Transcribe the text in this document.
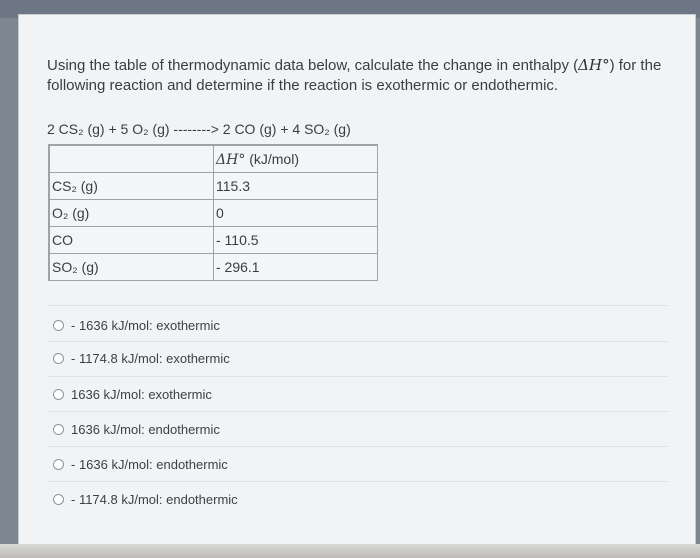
Using the table of thermodynamic data below, calculate the change in enthalpy (ΔH°) for the following reaction and determine if the reaction is exothermic or endothermic.
2 CS₂ (g) + 5 O₂ (g) --------> 2 CO (g) + 4 SO₂ (g)
	ΔH° (kJ/mol)
CS₂ (g)	115.3
O₂ (g)	0
CO	- 110.5
SO₂ (g)	- 296.1
- 1636 kJ/mol: exothermic
- 1174.8 kJ/mol: exothermic
1636 kJ/mol: exothermic
1636 kJ/mol: endothermic
- 1636 kJ/mol: endothermic
- 1174.8 kJ/mol: endothermic
